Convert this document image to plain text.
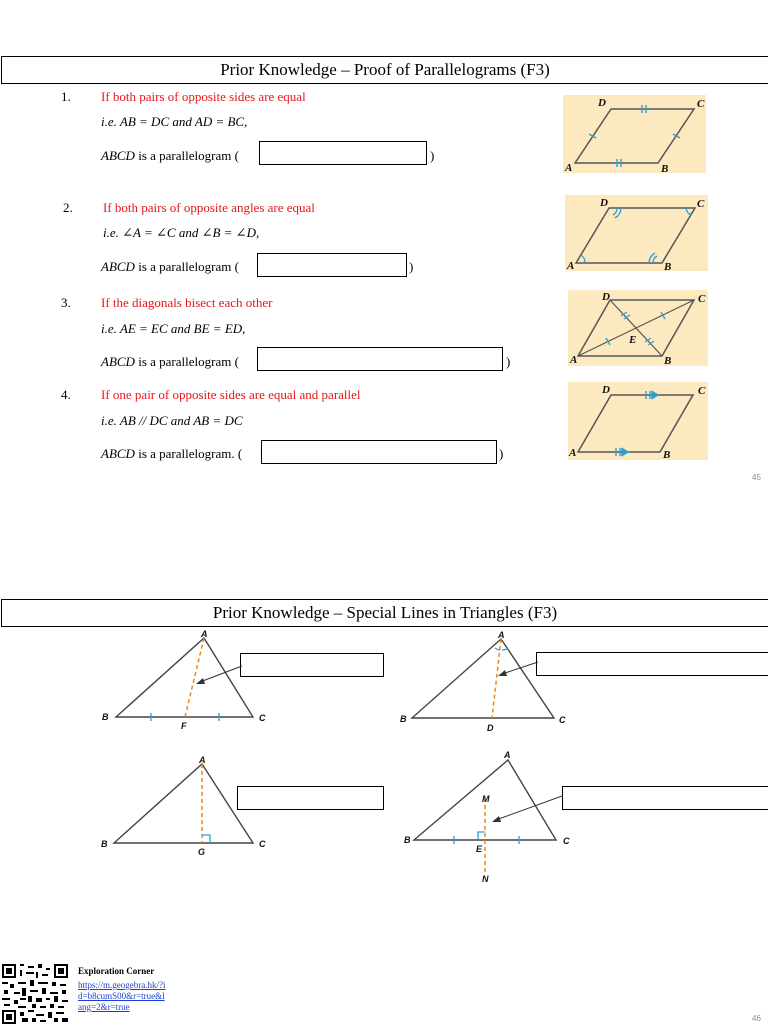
Prior Knowledge – Proof of Parallelograms (F3)
1. If both pairs of opposite sides are equal
i.e. AB = DC and AD = BC,
ABCD is a parallelogram (	)
2. If both pairs of opposite angles are equal
i.e. ∠A = ∠C and ∠B = ∠D,
ABCD is a parallelogram (	)
3. If the diagonals bisect each other
i.e. AE = EC and BE = ED,
ABCD is a parallelogram (	)
4. If one pair of opposite sides are equal and parallel
i.e. AB // DC and AB = DC
ABCD is a parallelogram. (	)
A	B
C
D
A	B
C
D
A	B
C
D
E
A	B
C
D
45
Prior Knowledge – Special Lines in Triangles (F3)
A
B	C
F
A
B	C
D
A
B	C
G
A
B	C
M
E
N
Exploration Corner
https://m.geogebra.hk/?id=b8cumS00&r=true&lang=2&r=true
46
